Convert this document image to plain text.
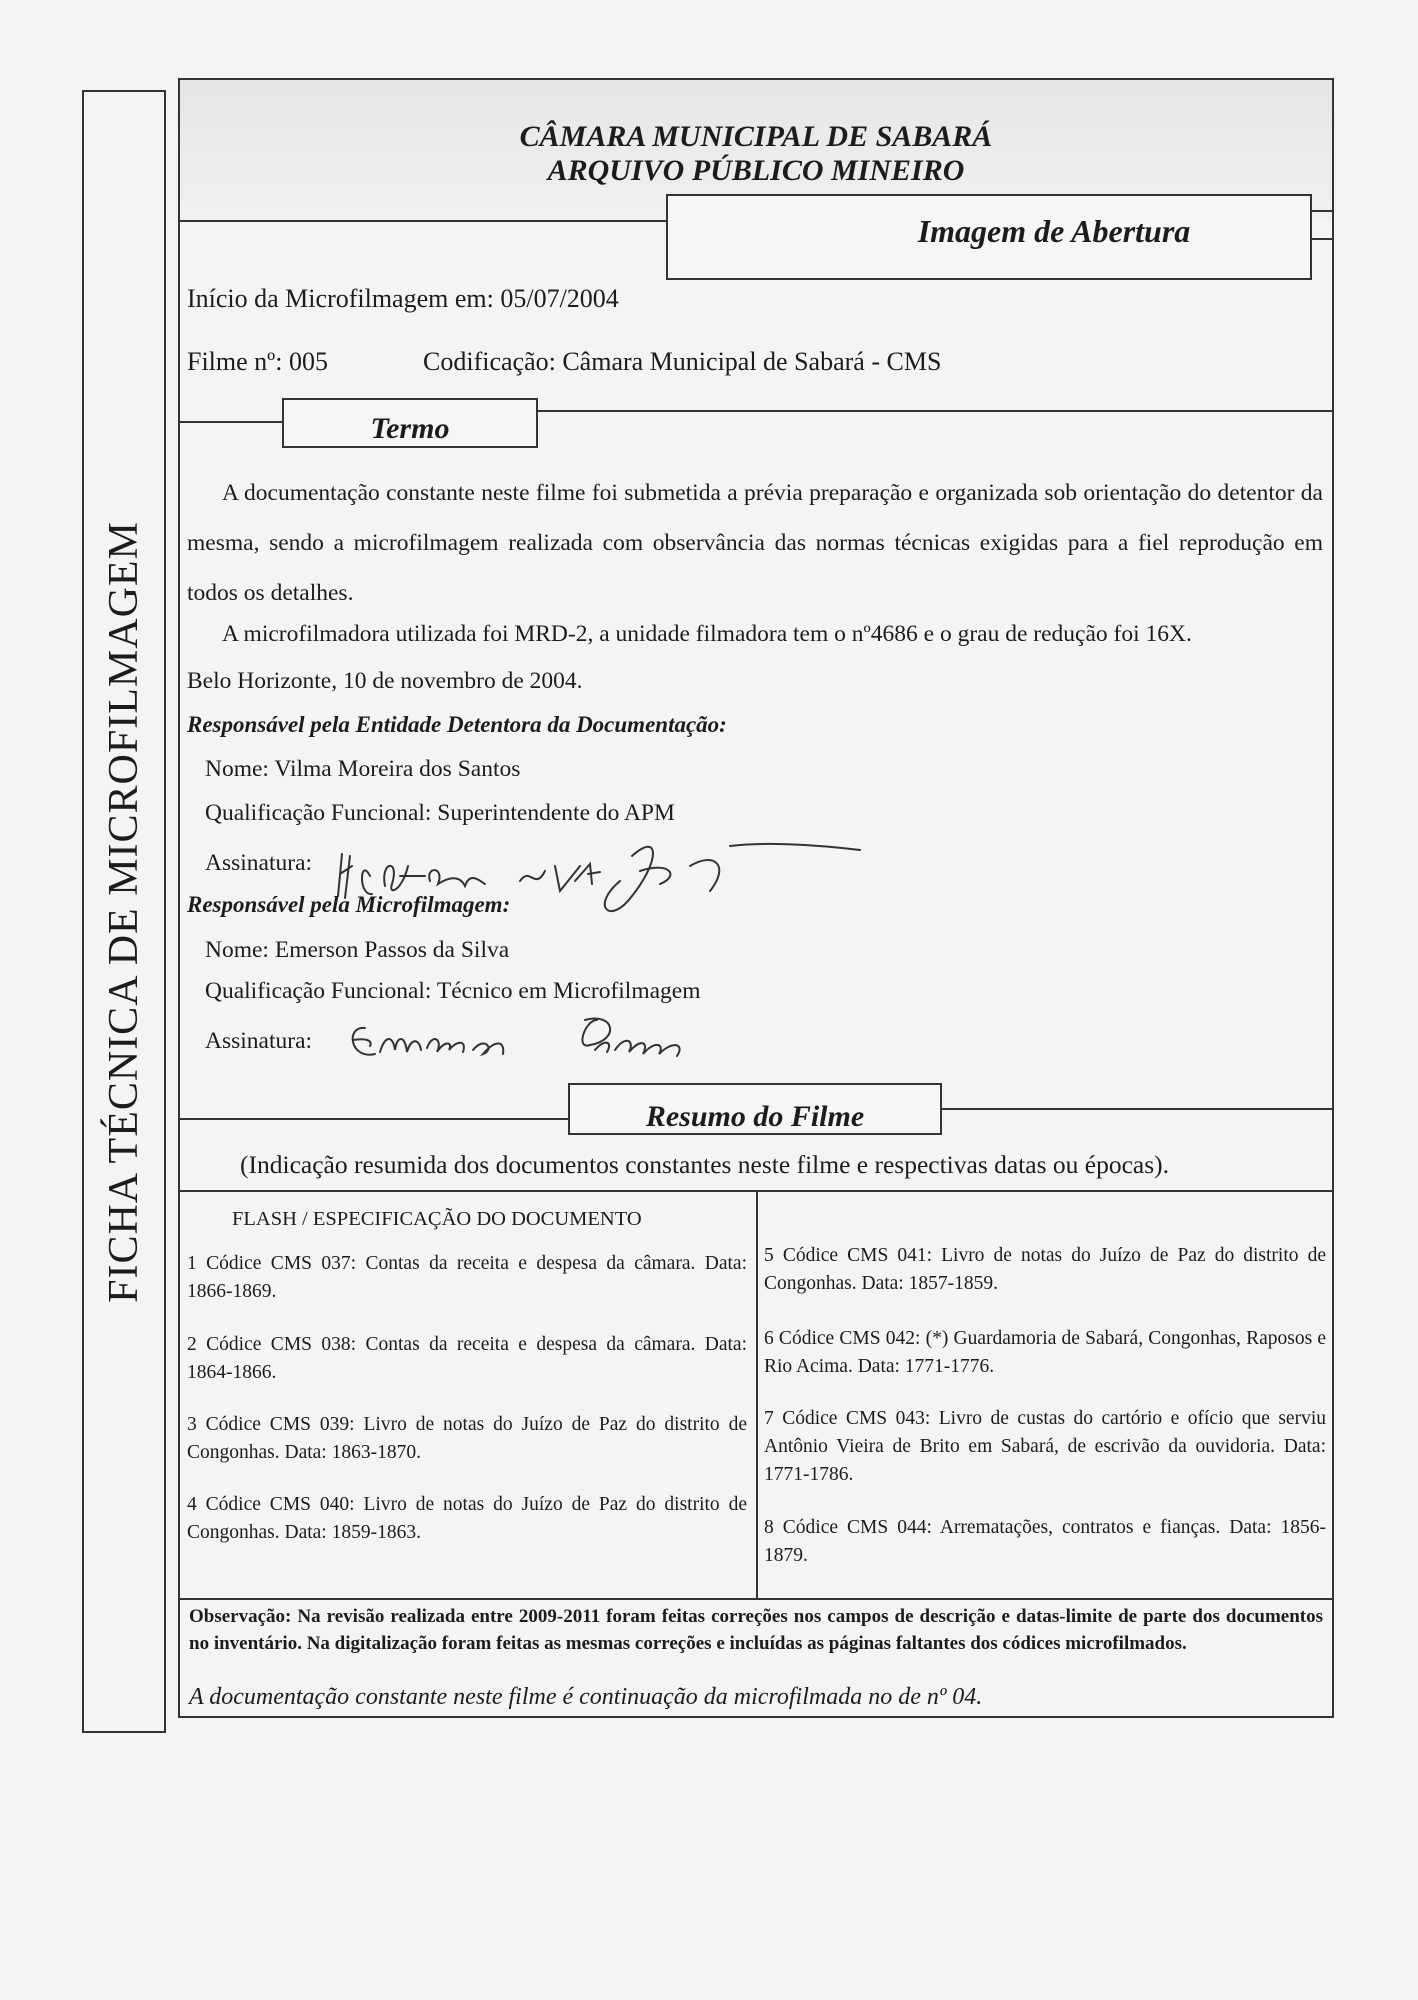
FICHA TÉCNICA DE MICROFILMAGEM
CÂMARA MUNICIPAL DE SABARÁ
ARQUIVO PÚBLICO MINEIRO
Imagem de Abertura
Início da Microfilmagem em: 05/07/2004
Filme nº: 005	Codificação: Câmara Municipal de Sabará - CMS
Termo
A documentação constante neste filme foi submetida a prévia preparação e organizada sob orientação do detentor da mesma, sendo a microfilmagem realizada com observância das normas técnicas exigidas para a fiel reprodução em todos os detalhes.
A microfilmadora utilizada foi MRD-2, a unidade filmadora tem o nº4686 e o grau de redução foi 16X.
Belo Horizonte, 10 de novembro de 2004.
Responsável pela Entidade Detentora da Documentação:
Nome: Vilma Moreira dos Santos
Qualificação Funcional: Superintendente do APM
Assinatura:
Responsável pela Microfilmagem:
Nome: Emerson Passos da Silva
Qualificação Funcional: Técnico em Microfilmagem
Assinatura:
Resumo do Filme
(Indicação resumida dos documentos constantes neste filme e respectivas datas ou épocas).
FLASH / ESPECIFICAÇÃO DO DOCUMENTO
1 Códice CMS 037: Contas da receita e despesa da câmara. Data: 1866-1869.
2 Códice CMS 038: Contas da receita e despesa da câmara. Data: 1864-1866.
3 Códice CMS 039: Livro de notas do Juízo de Paz do distrito de Congonhas. Data: 1863-1870.
4 Códice CMS 040: Livro de notas do Juízo de Paz do distrito de Congonhas. Data: 1859-1863.
5 Códice CMS 041: Livro de notas do Juízo de Paz do distrito de Congonhas. Data: 1857-1859.
6 Códice CMS 042: (*) Guardamoria de Sabará, Congonhas, Raposos e Rio Acima. Data: 1771-1776.
7 Códice CMS 043: Livro de custas do cartório e ofício que serviu Antônio Vieira de Brito em Sabará, de escrivão da ouvidoria. Data: 1771-1786.
8 Códice CMS 044: Arrematações, contratos e fianças. Data: 1856-1879.
Observação: Na revisão realizada entre 2009-2011 foram feitas correções nos campos de descrição e datas-limite de parte dos documentos no inventário. Na digitalização foram feitas as mesmas correções e incluídas as páginas faltantes dos códices microfilmados.
A documentação constante neste filme é continuação da microfilmada no de nº 04.
